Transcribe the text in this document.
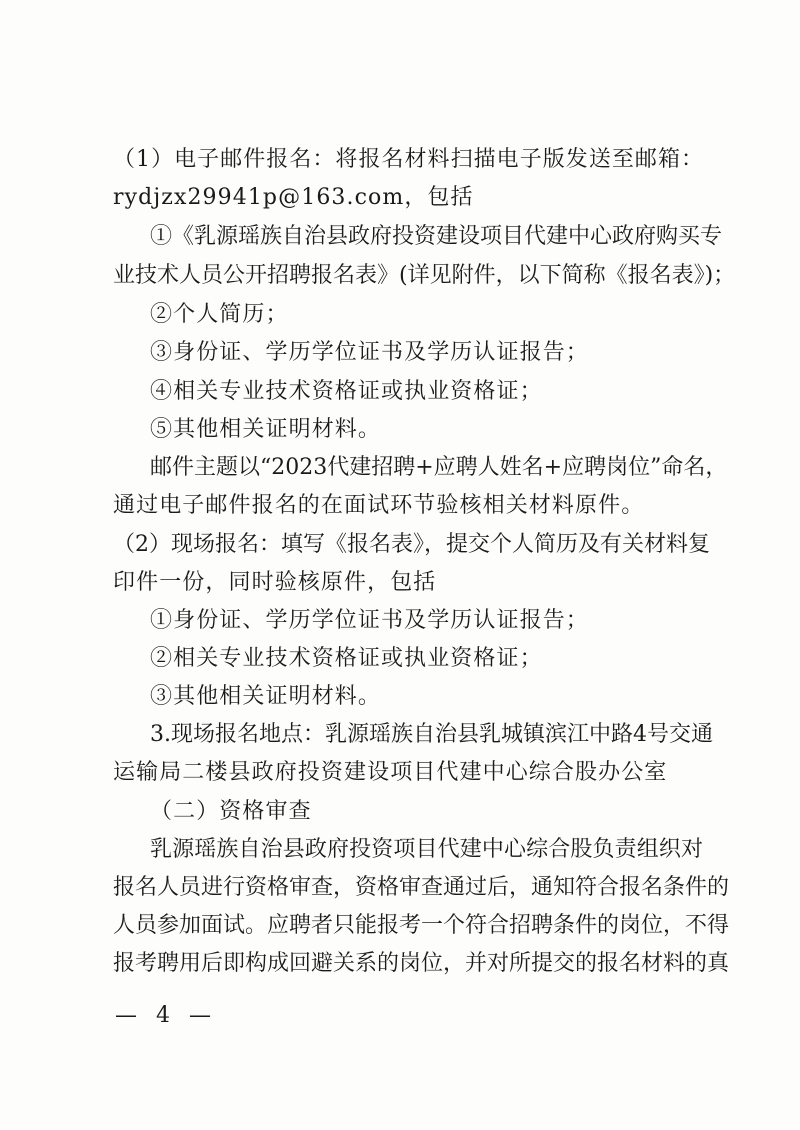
（1）电子邮件报名：将报名材料扫描电子版发送至邮箱：
rydjzx29941p@163.com，包括
①《乳源瑶族自治县政府投资建设项目代建中心政府购买专
业技术人员公开招聘报名表》(详见附件，以下简称《报名表》)；
②个人简历；
③身份证、学历学位证书及学历认证报告；
④相关专业技术资格证或执业资格证；
⑤其他相关证明材料。
邮件主题以“2023代建招聘+应聘人姓名+应聘岗位”命名，
通过电子邮件报名的在面试环节验核相关材料原件。
（2）现场报名：填写《报名表》，提交个人简历及有关材料复
印件一份，同时验核原件，包括
①身份证、学历学位证书及学历认证报告；
②相关专业技术资格证或执业资格证；
③其他相关证明材料。
3.现场报名地点：乳源瑶族自治县乳城镇滨江中路4号交通
运输局二楼县政府投资建设项目代建中心综合股办公室
（二）资格审查
乳源瑶族自治县政府投资项目代建中心综合股负责组织对
报名人员进行资格审查，资格审查通过后，通知符合报名条件的
人员参加面试。应聘者只能报考一个符合招聘条件的岗位，不得
报考聘用后即构成回避关系的岗位，并对所提交的报名材料的真
— 4 —
